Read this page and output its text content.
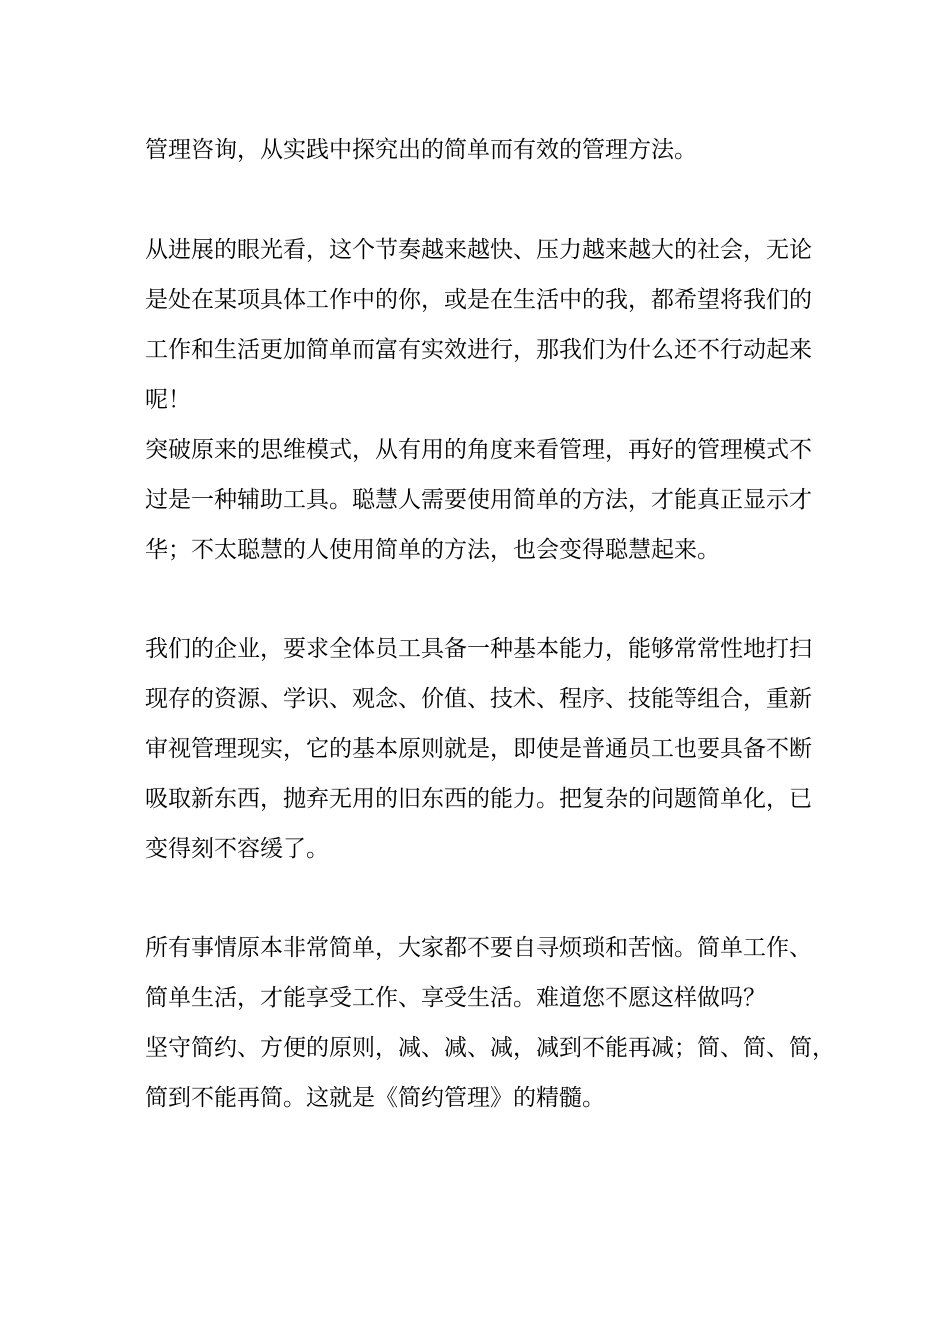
管理咨询，从实践中探究出的简单而有效的管理方法。
从进展的眼光看，这个节奏越来越快、压力越来越大的社会，无论
是处在某项具体工作中的你，或是在生活中的我，都希望将我们的
工作和生活更加简单而富有实效进行，那我们为什么还不行动起来
呢！
突破原来的思维模式，从有用的角度来看管理，再好的管理模式不
过是一种辅助工具。聪慧人需要使用简单的方法，才能真正显示才
华；不太聪慧的人使用简单的方法，也会变得聪慧起来。
我们的企业，要求全体员工具备一种基本能力，能够常常性地打扫
现存的资源、学识、观念、价值、技术、程序、技能等组合，重新
审视管理现实，它的基本原则就是，即使是普通员工也要具备不断
吸取新东西，抛弃无用的旧东西的能力。把复杂的问题简单化，已
变得刻不容缓了。
所有事情原本非常简单，大家都不要自寻烦琐和苦恼。简单工作、
简单生活，才能享受工作、享受生活。难道您不愿这样做吗？
坚守简约、方便的原则，减、减、减，减到不能再减；简、简、简，
简到不能再简。这就是《简约管理》的精髓。
